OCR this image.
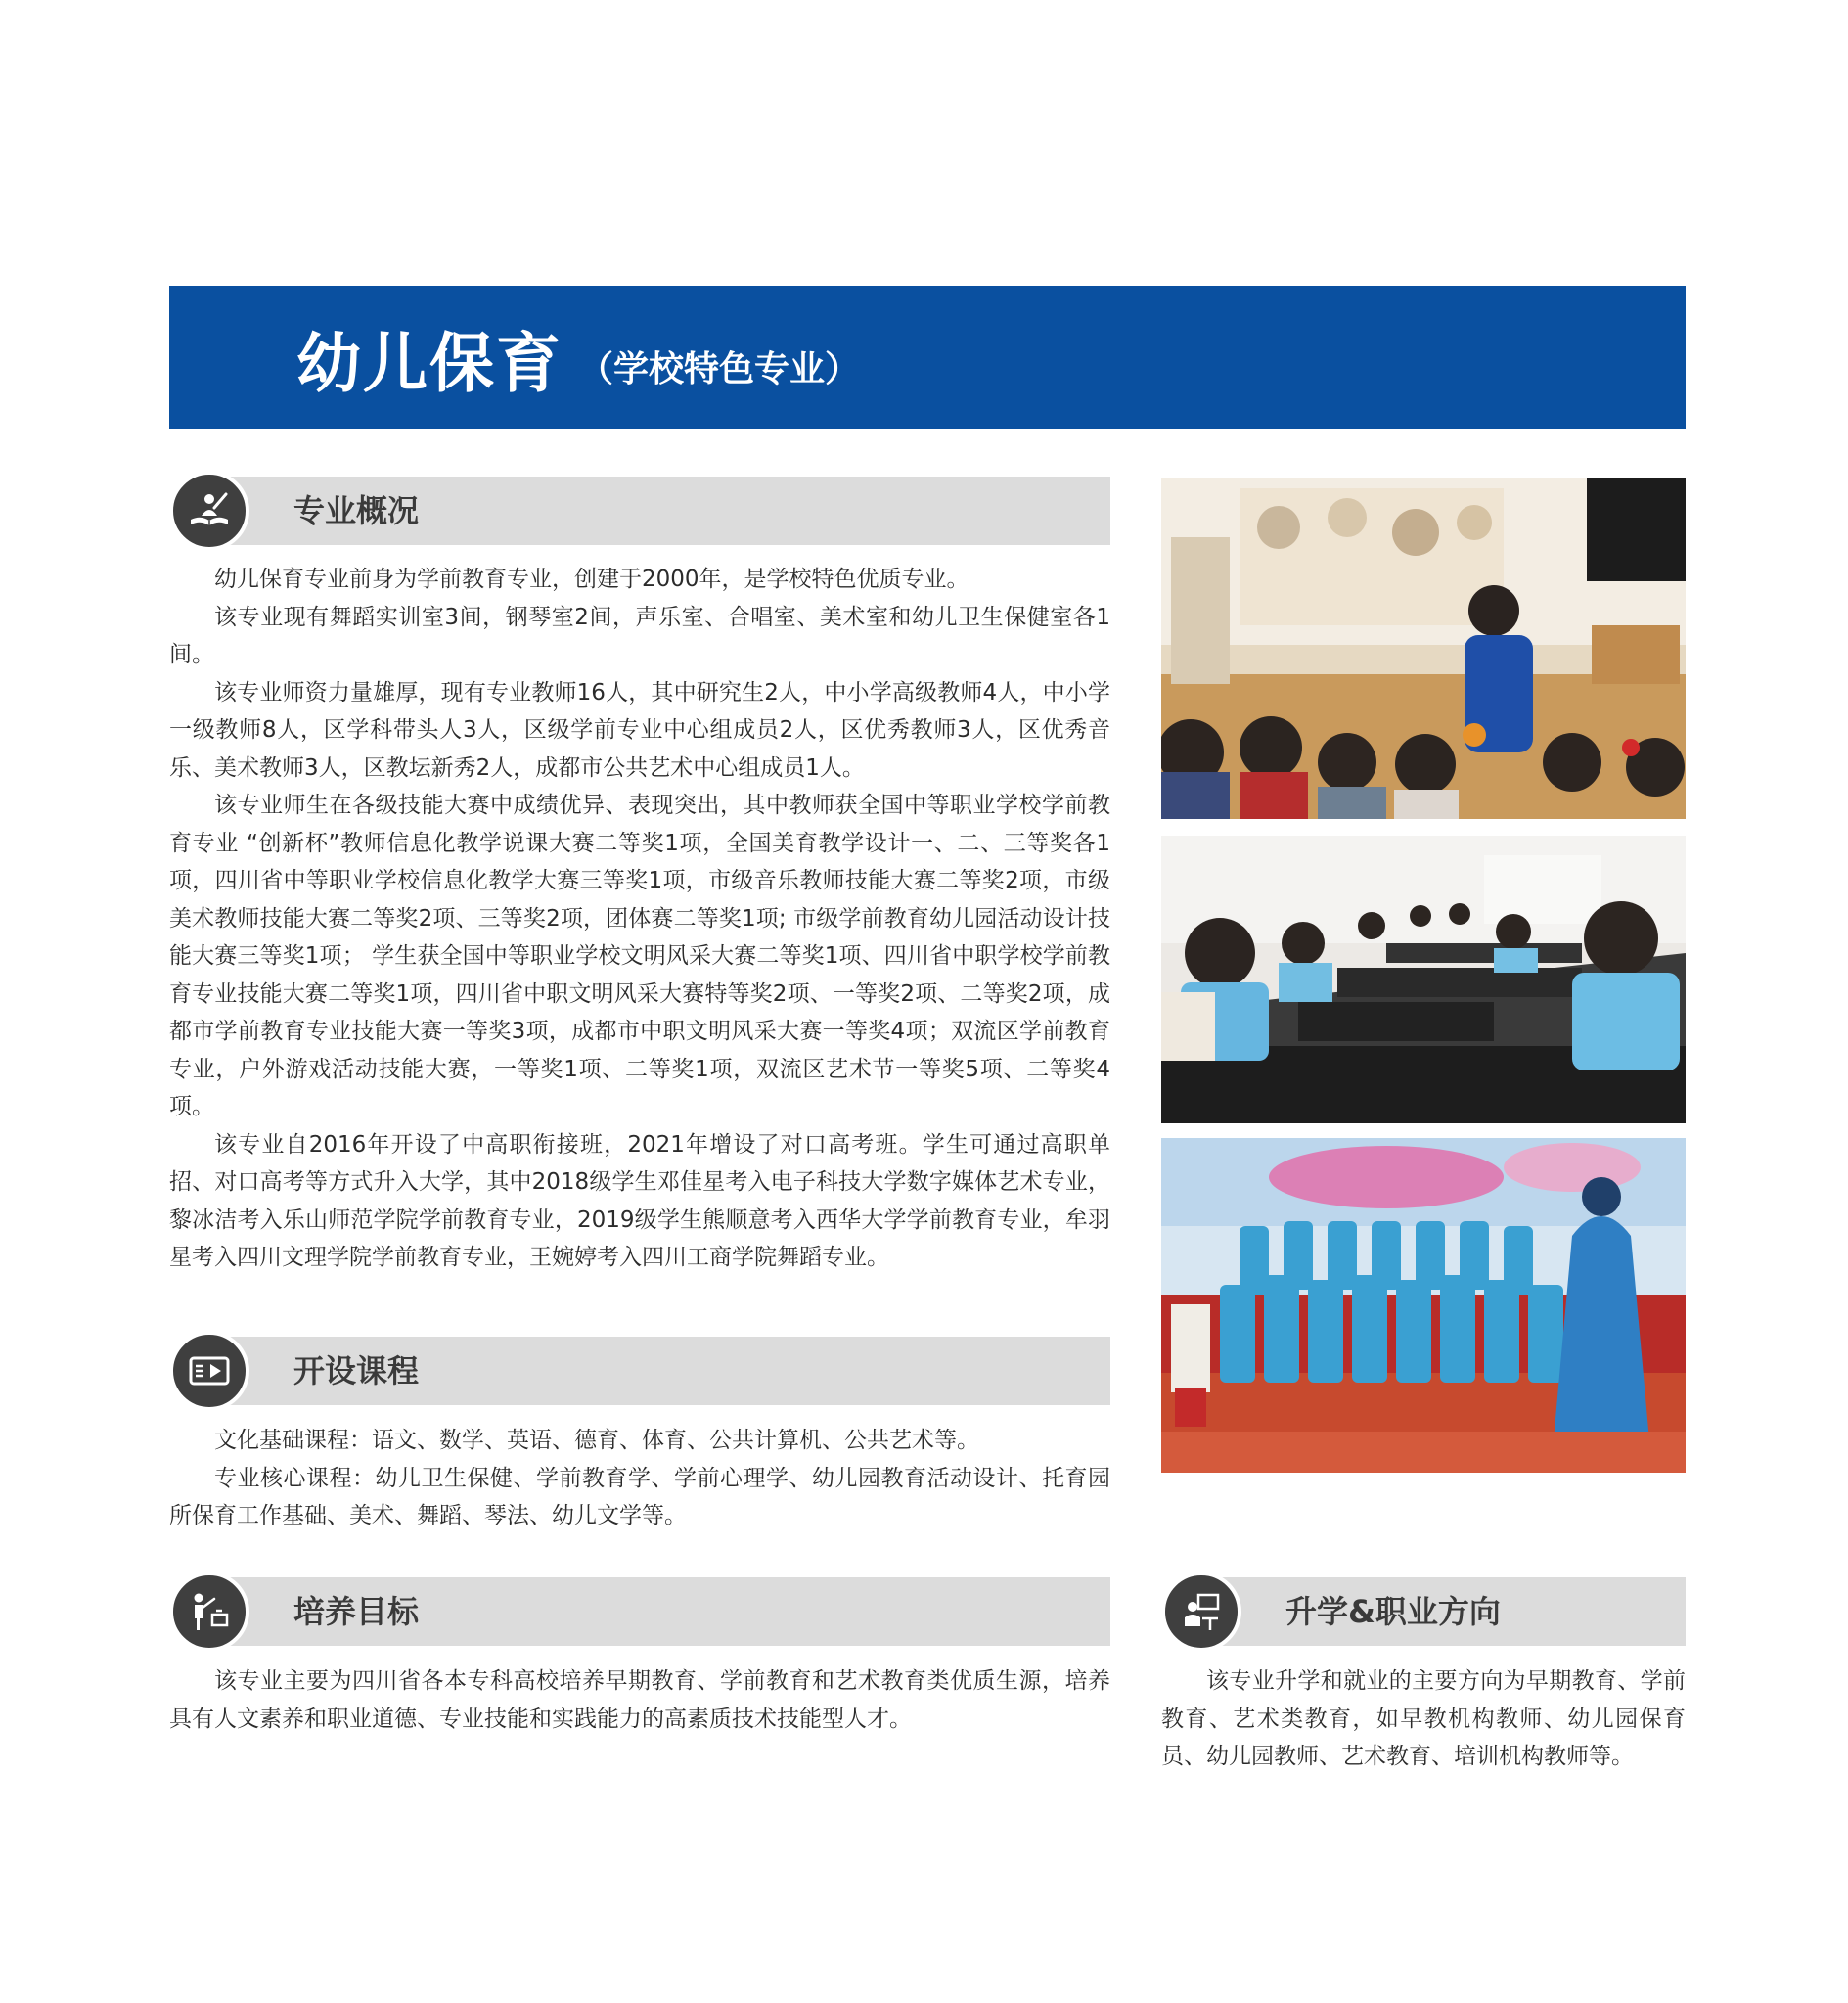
幼儿保育 （学校特色专业）
专业概况

幼儿保育专业前身为学前教育专业，创建于2000年，是学校特色优质专业。

该专业现有舞蹈实训室3间，钢琴室2间，声乐室、合唱室、美术室和幼儿卫生保健室各1间。

该专业师资力量雄厚，现有专业教师16人，其中研究生2人，中小学高级教师4人，中小学一级教师8人，区学科带头人3人，区级学前专业中心组成员2人，区优秀教师3人，区优秀音乐、美术教师3人，区教坛新秀2人，成都市公共艺术中心组成员1人。

该专业师生在各级技能大赛中成绩优异、表现突出，其中教师获全国中等职业学校学前教育专业 “创新杯”教师信息化教学说课大赛二等奖1项，全国美育教学设计一、二、三等奖各1项，四川省中等职业学校信息化教学大赛三等奖1项，市级音乐教师技能大赛二等奖2项，市级美术教师技能大赛二等奖2项、三等奖2项，团体赛二等奖1项; 市级学前教育幼儿园活动设计技能大赛三等奖1项； 学生获全国中等职业学校文明风采大赛二等奖1项、四川省中职学校学前教育专业技能大赛二等奖1项，四川省中职文明风采大赛特等奖2项、一等奖2项、二等奖2项，成都市学前教育专业技能大赛一等奖3项，成都市中职文明风采大赛一等奖4项；双流区学前教育专业，户外游戏活动技能大赛，一等奖1项、二等奖1项，双流区艺术节一等奖5项、二等奖4项。

该专业自2016年开设了中高职衔接班，2021年增设了对口高考班。学生可通过高职单招、对口高考等方式升入大学，其中2018级学生邓佳星考入电子科技大学数字媒体艺术专业，黎冰洁考入乐山师范学院学前教育专业，2019级学生熊顺意考入西华大学学前教育专业，牟羽星考入四川文理学院学前教育专业，王婉婷考入四川工商学院舞蹈专业。

开设课程

文化基础课程：语文、数学、英语、德育、体育、公共计算机、公共艺术等。

专业核心课程：幼儿卫生保健、学前教育学、学前心理学、幼儿园教育活动设计、托育园所保育工作基础、美术、舞蹈、琴法、幼儿文学等。

培养目标

该专业主要为四川省各本专科高校培养早期教育、学前教育和艺术教育类优质生源，培养具有人文素养和职业道德、专业技能和实践能力的高素质技术技能型人才。

升学&职业方向

该专业升学和就业的主要方向为早期教育、学前教育、艺术类教育，如早教机构教师、幼儿园保育员、幼儿园教师、艺术教育、培训机构教师等。
